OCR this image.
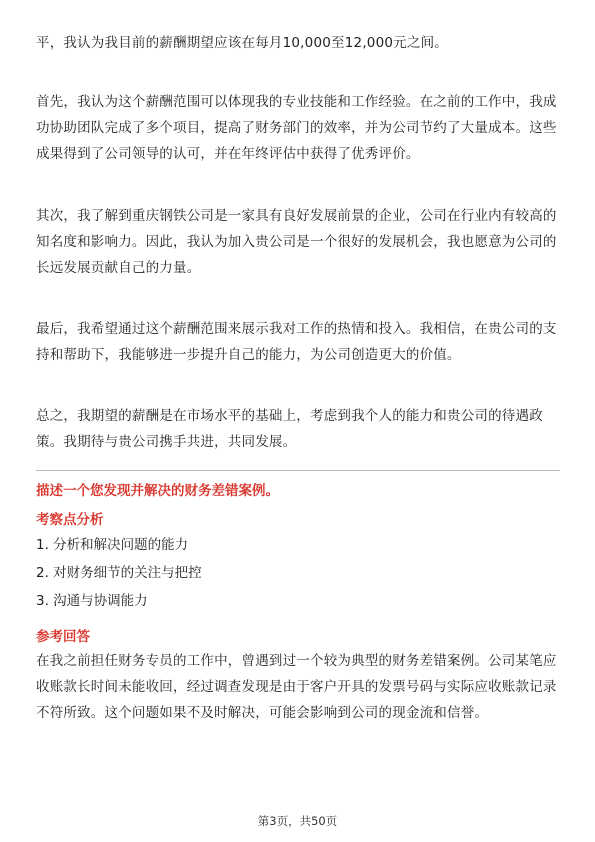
平，我认为我目前的薪酬期望应该在每月10,000至12,000元之间。

首先，我认为这个薪酬范围可以体现我的专业技能和工作经验。在之前的工作中，我成功协助团队完成了多个项目，提高了财务部门的效率，并为公司节约了大量成本。这些成果得到了公司领导的认可，并在年终评估中获得了优秀评价。

其次，我了解到重庆钢铁公司是一家具有良好发展前景的企业，公司在行业内有较高的知名度和影响力。因此，我认为加入贵公司是一个很好的发展机会，我也愿意为公司的长远发展贡献自己的力量。

最后，我希望通过这个薪酬范围来展示我对工作的热情和投入。我相信，在贵公司的支持和帮助下，我能够进一步提升自己的能力，为公司创造更大的价值。

总之，我期望的薪酬是在市场水平的基础上，考虑到我个人的能力和贵公司的待遇政策。我期待与贵公司携手共进，共同发展。

描述一个您发现并解决的财务差错案例。

考察点分析

1. 分析和解决问题的能力
2. 对财务细节的关注与把控
3. 沟通与协调能力

参考回答

在我之前担任财务专员的工作中，曾遇到过一个较为典型的财务差错案例。公司某笔应收账款长时间未能收回，经过调查发现是由于客户开具的发票号码与实际应收账款记录不符所致。这个问题如果不及时解决，可能会影响到公司的现金流和信誉。

第3页，共50页
